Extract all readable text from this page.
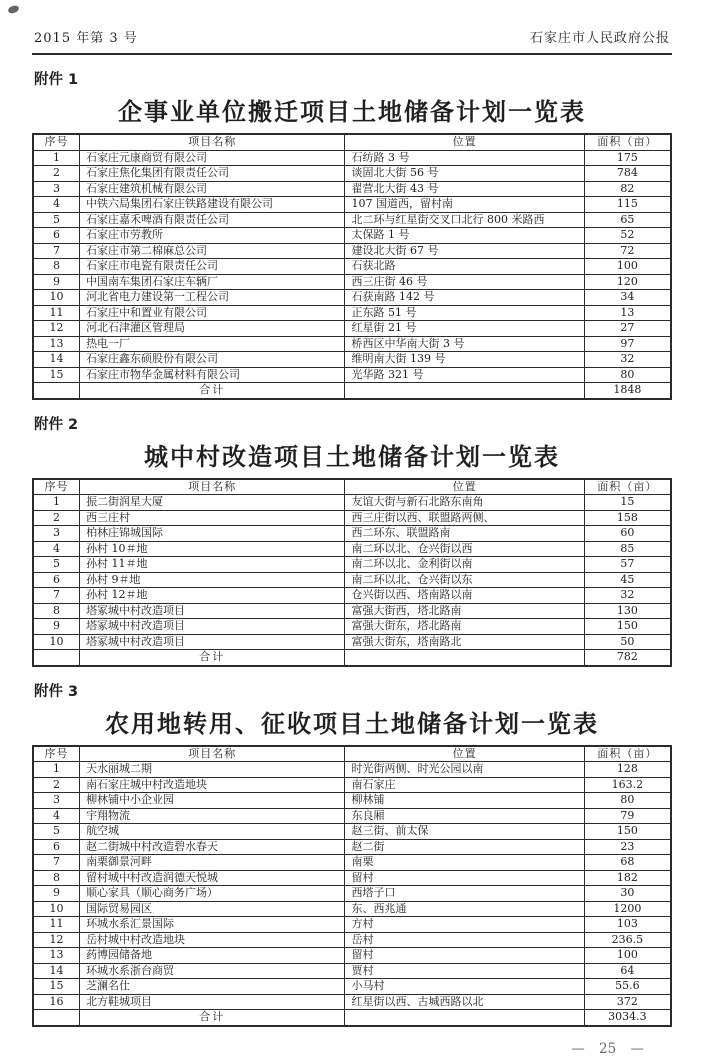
2015 年第 3 号	石家庄市人民政府公报
附件 1
企事业单位搬迁项目土地储备计划一览表
序号	项目名称	位置	面积（亩）
1	石家庄元康商贸有限公司	石纺路 3 号	175
2	石家庄焦化集团有限责任公司	谈固北大街 56 号	784
3	石家庄建筑机械有限公司	翟营北大街 43 号	82
4	中铁六局集团石家庄铁路建设有限公司	107 国道西，留村南	115
5	石家庄嘉禾啤酒有限责任公司	北二环与红星街交叉口北行 800 米路西	65
6	石家庄市劳教所	太保路 1 号	52
7	石家庄市第二棉麻总公司	建设北大街 67 号	72
8	石家庄市电瓷有限责任公司	石获北路	100
9	中国南车集团石家庄车辆厂	西三庄街 46 号	120
10	河北省电力建设第一工程公司	石获南路 142 号	34
11	石家庄中和置业有限公司	正东路 51 号	13
12	河北石津灌区管理局	红星街 21 号	27
13	热电一厂	桥西区中华南大街 3 号	97
14	石家庄鑫东硕股份有限公司	维明南大街 139 号	32
15	石家庄市物华金属材料有限公司	光华路 321 号	80
	合计		1848
附件 2
城中村改造项目土地储备计划一览表
序号	项目名称	位置	面积（亩）
1	振二街润星大厦	友谊大街与新石北路东南角	15
2	西三庄村	西三庄街以西、联盟路两侧、	158
3	柏林庄锦城国际	西二环东、联盟路南	60
4	孙村 10＃地	南二环以北、仓兴街以西	85
5	孙村 11＃地	南二环以北、金利街以南	57
6	孙村 9＃地	南二环以北、仓兴街以东	45
7	孙村 12＃地	仓兴街以西、塔南路以南	32
8	塔冢城中村改造项目	富强大街西，塔北路南	130
9	塔冢城中村改造项目	富强大街东，塔北路南	150
10	塔冢城中村改造项目	富强大街东，塔南路北	50
	合计		782
附件 3
农用地转用、征收项目土地储备计划一览表
序号	项目名称	位置	面积（亩）
1	天水丽城二期	时光街两侧、时光公园以南	128
2	南石家庄城中村改造地块	南石家庄	163.2
3	柳林铺中小企业园	柳林铺	80
4	宇翔物流	东良厢	79
5	航空城	赵三街、前太保	150
6	赵二街城中村改造碧水春天	赵二街	23
7	南栗御景河畔	南栗	68
8	留村城中村改造润德天悦城	留村	182
9	顺心家具（顺心商务广场）	西塔子口	30
10	国际贸易园区	东、西兆通	1200
11	环城水系汇景国际	方村	103
12	岳村城中村改造地块	岳村	236.5
13	药博园储备地	留村	100
14	环城水系浙台商贸	贾村	64
15	芝澜名仕	小马村	55.6
16	北方鞋城项目	红星街以西、古城西路以北	372
	合计		3034.3
— 25 —
